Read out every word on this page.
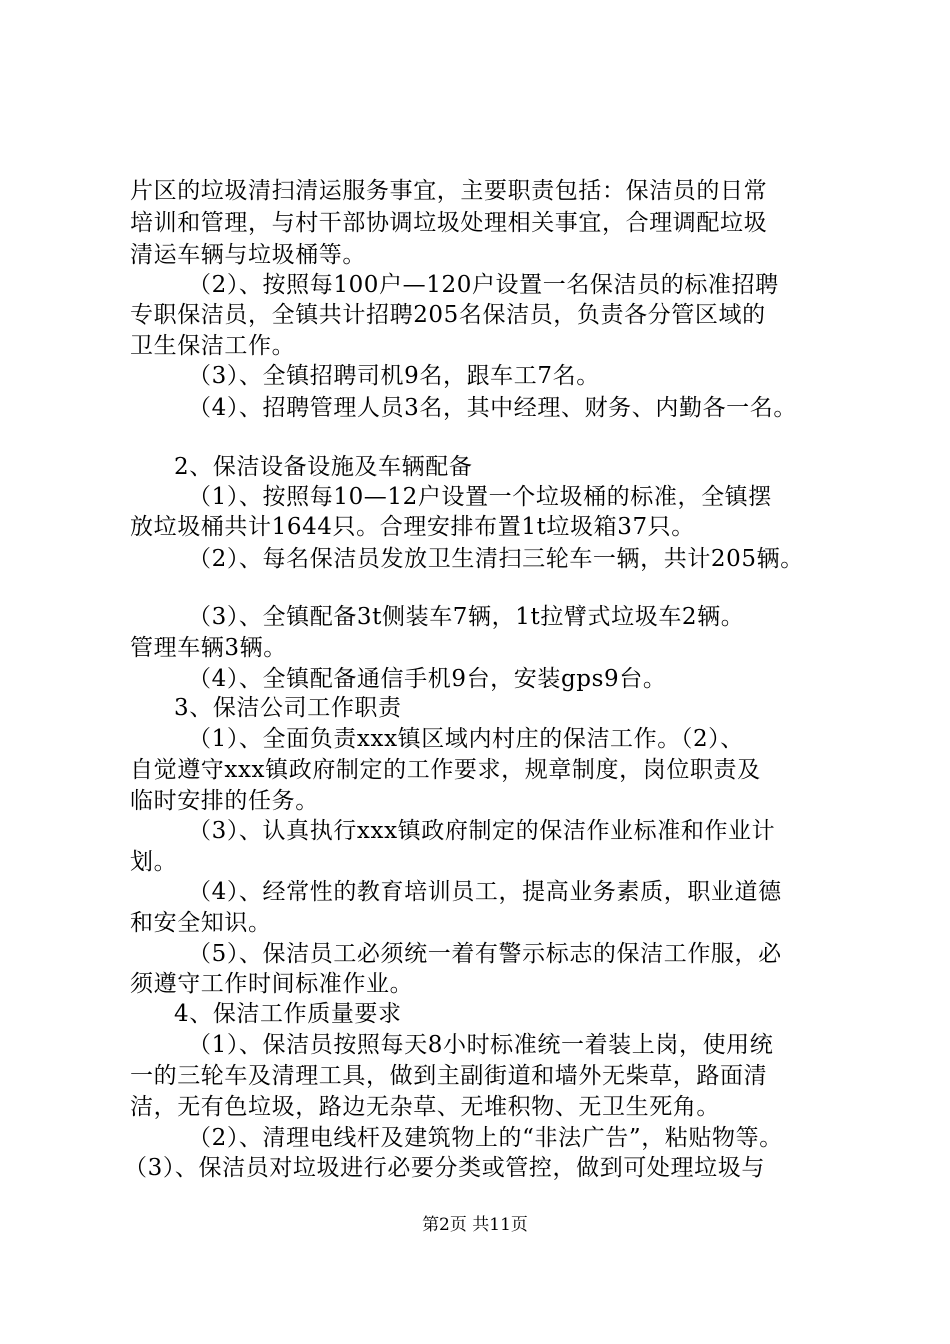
片区的垃圾清扫清运服务事宜，主要职责包括：保洁员的日常
培训和管理，与村干部协调垃圾处理相关事宜，合理调配垃圾
清运车辆与垃圾桶等。
（2）、按照每100户—120户设置一名保洁员的标准招聘
专职保洁员，全镇共计招聘205名保洁员，负责各分管区域的
卫生保洁工作。
（3）、全镇招聘司机9名，跟车工7名。
（4）、招聘管理人员3名，其中经理、财务、内勤各一名。
2、保洁设备设施及车辆配备
（1）、按照每10—12户设置一个垃圾桶的标准，全镇摆
放垃圾桶共计1644只。合理安排布置1t垃圾箱37只。
（2）、每名保洁员发放卫生清扫三轮车一辆，共计205辆。
（3）、全镇配备3t侧装车7辆，1t拉臂式垃圾车2辆。
管理车辆3辆。
（4）、全镇配备通信手机9台，安装gps9台。
3、保洁公司工作职责
（1）、全面负责xxx镇区域内村庄的保洁工作。（2）、
自觉遵守xxx镇政府制定的工作要求，规章制度，岗位职责及
临时安排的任务。
（3）、认真执行xxx镇政府制定的保洁作业标准和作业计
划。
（4）、经常性的教育培训员工，提高业务素质，职业道德
和安全知识。
（5）、保洁员工必须统一着有警示标志的保洁工作服，必
须遵守工作时间标准作业。
4、保洁工作质量要求
（1）、保洁员按照每天8小时标准统一着装上岗，使用统
一的三轮车及清理工具，做到主副街道和墙外无柴草，路面清
洁，无有色垃圾，路边无杂草、无堆积物、无卫生死角。
（2）、清理电线杆及建筑物上的“非法广告”，粘贴物等。
（3）、保洁员对垃圾进行必要分类或管控，做到可处理垃圾与
第2页 共11页
